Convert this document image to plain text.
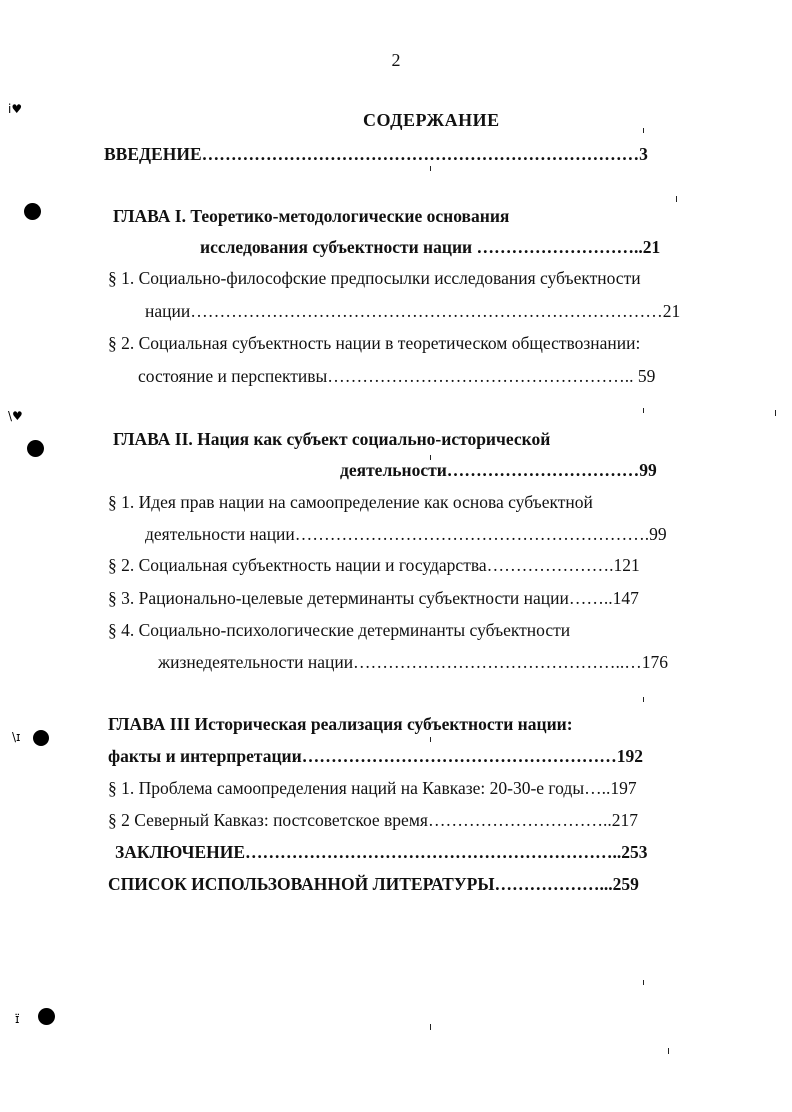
2
СОДЕРЖАНИЕ
ВВЕДЕНИЕ…………………………………………………………………3
ГЛАВА I. Теоретико-методологические основания
исследования субъектности нации ………………………..21
§ 1. Социально-философские предпосылки исследования субъектности
нации………………………………………………………………………21
§ 2. Социальная субъектность нации в теоретическом обществознании:
состояние и перспективы…………………………………………….. 59
ГЛАВА II. Нация как субъект социально-исторической
деятельности……………………………99
§ 1. Идея прав нации на самоопределение как основа субъектной
деятельности нации…………………………………………………….99
§ 2. Социальная субъектность нации и государства………………….121
§ 3. Рационально-целевые детерминанты субъектности нации……..147
§ 4. Социально-психологические детерминанты субъектности
жизнедеятельности нации………………………………………..…176
ГЛАВА III Историческая реализация субъектности нации:
факты и интерпретации………………………………………………192
§ 1. Проблема самоопределения наций на Кавказе: 20-30-е годы…..197
§ 2 Северный Кавказ: постсоветское время…………………………..217
ЗАКЛЮЧЕНИЕ………………………………………………………..253
СПИСОК ИСПОЛЬЗОВАННОЙ ЛИТЕРАТУРЫ………………...259
i♥
\♥
\ɪ
ɪ̈
